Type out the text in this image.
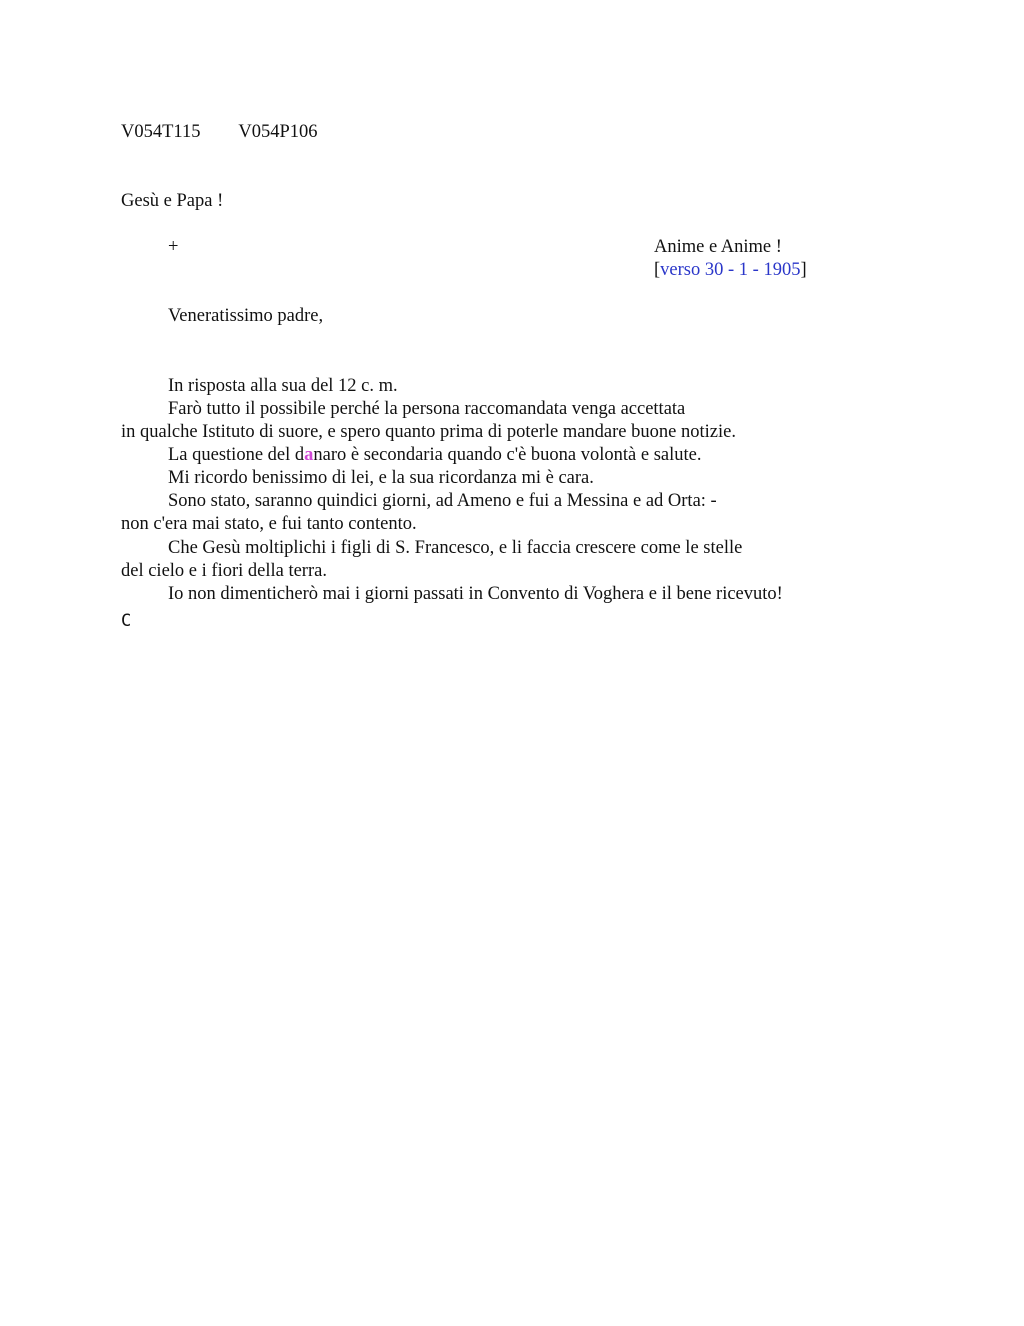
V054T115 V054P106
Gesù e Papa !
+	Anime e Anime !
[verso 30 - 1 - 1905]
Veneratissimo padre,
In risposta alla sua del 12 c. m.
Farò tutto il possibile perché la persona raccomandata venga accettata
in qualche Istituto di suore, e spero quanto prima di poterle mandare buone notizie.
La questione del danaro è secondaria quando c'è buona volontà e salute.
Mi ricordo benissimo di lei, e la sua ricordanza mi è cara.
Sono stato, saranno quindici giorni, ad Ameno e fui a Messina e ad Orta: -
non c'era mai stato, e fui tanto contento.
Che Gesù moltiplichi i figli di S. Francesco, e li faccia crescere come le stelle
del cielo e i fiori della terra.
Io non dimenticherò mai i giorni passati in Convento di Voghera e il bene ricevuto!
C
